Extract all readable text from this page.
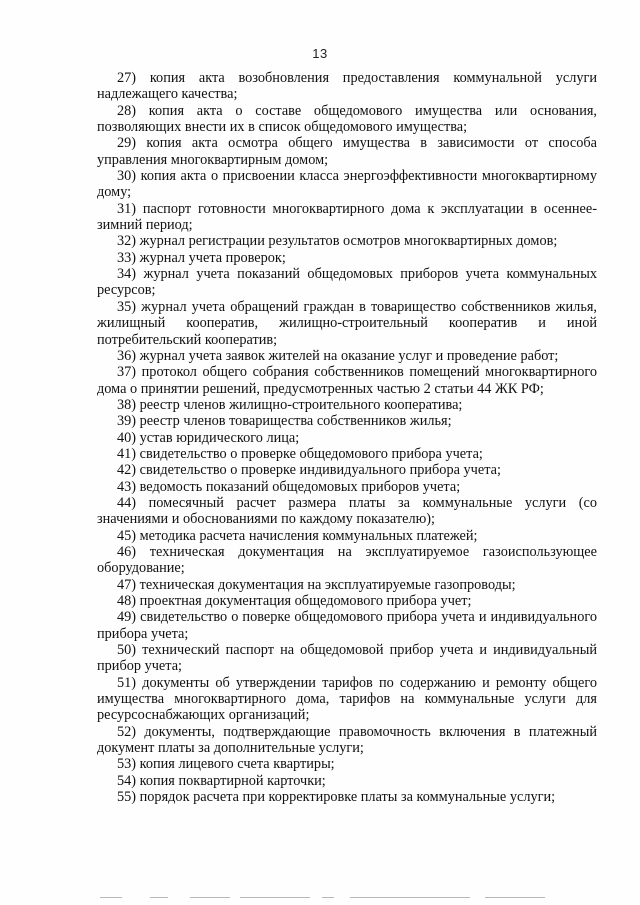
13

27) копия акта возобновления предоставления коммунальной услуги надлежащего качества;

28) копия акта о составе общедомового имущества или основания, позволяющих внести их в список общедомового имущества;

29) копия акта осмотра общего имущества в зависимости от способа управления многоквартирным домом;

30) копия акта о присвоении класса энергоэффективности многоквартирному дому;

31) паспорт готовности многоквартирного дома к эксплуатации в осеннее-зимний период;

32) журнал регистрации результатов осмотров многоквартирных домов;

33) журнал учета проверок;

34) журнал учета показаний общедомовых приборов учета коммунальных ресурсов;

35) журнал учета обращений граждан в товарищество собственников жилья, жилищный кооператив, жилищно-строительный кооператив и иной потребительский кооператив;

36) журнал учета заявок жителей на оказание услуг и проведение работ;

37) протокол общего собрания собственников помещений многоквартирного дома о принятии решений, предусмотренных частью 2 статьи 44 ЖК РФ;

38) реестр членов жилищно-строительного кооператива;

39) реестр членов товарищества собственников жилья;

40) устав юридического лица;

41) свидетельство о проверке общедомового прибора учета;

42) свидетельство о проверке индивидуального прибора учета;

43) ведомость показаний общедомовых приборов учета;

44) помесячный расчет размера платы за коммунальные услуги (со значениями и обоснованиями по каждому показателю);

45) методика расчета начисления коммунальных платежей;

46) техническая документация на эксплуатируемое газоиспользующее оборудование;

47) техническая документация на эксплуатируемые газопроводы;

48) проектная документация общедомового прибора учет;

49) свидетельство о поверке общедомового прибора учета и индивидуального прибора учета;

50) технический паспорт на общедомовой прибор учета и индивидуальный прибор учета;

51) документы об утверждении тарифов по содержанию и ремонту общего имущества многоквартирного дома, тарифов на коммунальные услуги для ресурсоснабжающих организаций;

52) документы, подтверждающие правомочность включения в платежный документ платы за дополнительные услуги;

53) копия лицевого счета квартиры;

54) копия поквартирной карточки;

55) порядок расчета при корректировке платы за коммунальные услуги;
